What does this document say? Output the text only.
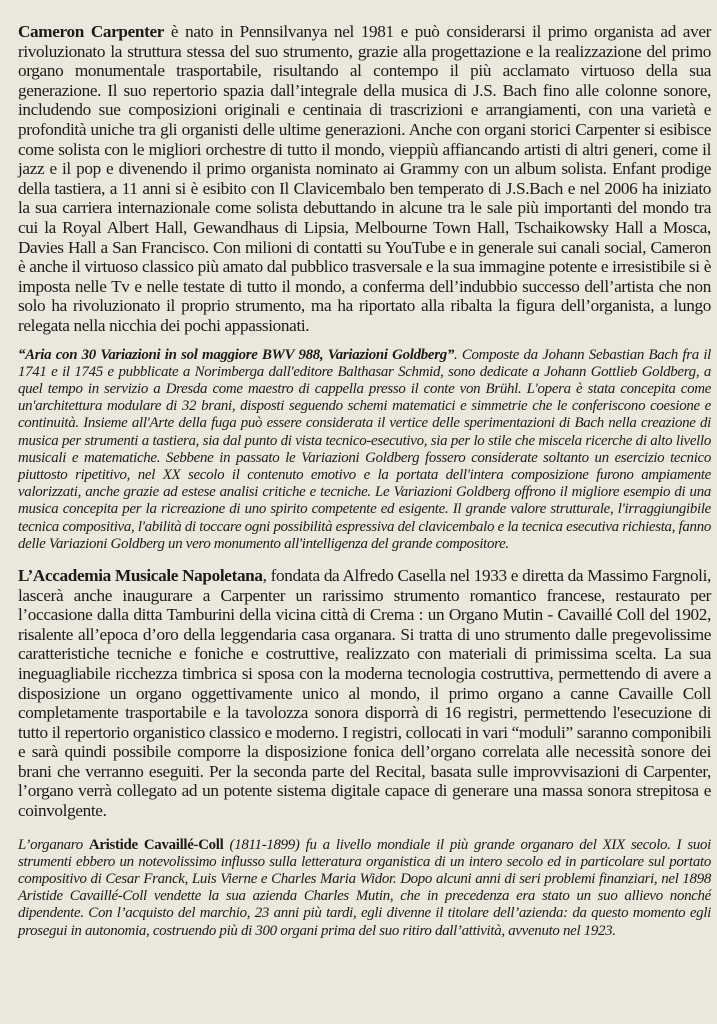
Cameron Carpenter è nato in Pennsilvanya nel 1981 e può considerarsi il primo organista ad aver rivoluzionato la struttura stessa del suo strumento, grazie alla progettazione e la realizzazione del primo organo monumentale trasportabile, risultando al contempo il più acclamato virtuoso della sua generazione. Il suo repertorio spazia dall’integrale della musica di J.S. Bach fino alle colonne sonore, includendo sue composizioni originali e centinaia di trascrizioni e arrangiamenti, con una varietà e profondità uniche tra gli organisti delle ultime generazioni. Anche con organi storici Carpenter si esibisce come solista con le migliori orchestre di tutto il mondo, vieppiù affiancando artisti di altri generi, come il jazz e il pop e divenendo il primo organista nominato ai Grammy con un album solista. Enfant prodige della tastiera, a 11 anni si è esibito con Il Clavicembalo ben temperato di J.S.Bach e nel 2006 ha iniziato la sua carriera internazionale come solista debuttando in alcune tra le sale più importanti del mondo tra cui la Royal Albert Hall, Gewandhaus di Lipsia, Melbourne Town Hall, Tschaikowsky Hall a Mosca, Davies Hall a San Francisco. Con milioni di contatti su YouTube e in generale sui canali social, Cameron è anche il virtuoso classico più amato dal pubblico trasversale e la sua immagine potente e irresistibile si è imposta nelle Tv e nelle testate di tutto il mondo, a conferma dell’indubbio successo dell’artista che non solo ha rivoluzionato il proprio strumento, ma ha riportato alla ribalta la figura dell’organista, a lungo relegata nella nicchia dei pochi appassionati.

“Aria con 30 Variazioni in sol maggiore BWV 988, Variazioni Goldberg”. Composte da Johann Sebastian Bach fra il 1741 e il 1745 e pubblicate a Norimberga dall'editore Balthasar Schmid, sono dedicate a Johann Gottlieb Goldberg, a quel tempo in servizio a Dresda come maestro di cappella presso il conte von Brühl. L'opera è stata concepita come un'architettura modulare di 32 brani, disposti seguendo schemi matematici e simmetrie che le conferiscono coesione e continuità. Insieme all'Arte della fuga può essere considerata il vertice delle sperimentazioni di Bach nella creazione di musica per strumenti a tastiera, sia dal punto di vista tecnico-esecutivo, sia per lo stile che miscela ricerche di alto livello musicali e matematiche. Sebbene in passato le Variazioni Goldberg fossero considerate soltanto un esercizio tecnico piuttosto ripetitivo, nel XX secolo il contenuto emotivo e la portata dell'intera composizione furono ampiamente valorizzati, anche grazie ad estese analisi critiche e tecniche. Le Variazioni Goldberg offrono il migliore esempio di una musica concepita per la ricreazione di uno spirito competente ed esigente. Il grande valore strutturale, l'irraggiungibile tecnica compositiva, l'abilità di toccare ogni possibilità espressiva del clavicembalo e la tecnica esecutiva richiesta, fanno delle Variazioni Goldberg un vero monumento all'intelligenza del grande compositore.

L’Accademia Musicale Napoletana, fondata da Alfredo Casella nel 1933 e diretta da Massimo Fargnoli, lascerà anche inaugurare a Carpenter un rarissimo strumento romantico francese, restaurato per l’occasione dalla ditta Tamburini della vicina città di Crema : un Organo Mutin - Cavaillé Coll del 1902, risalente all’epoca d’oro della leggendaria casa organara. Si tratta di uno strumento dalle pregevolissime caratteristiche tecniche e foniche e costruttive, realizzato con materiali di primissima scelta. La sua ineguagliabile ricchezza timbrica si sposa con la moderna tecnologia costruttiva, permettendo di avere a disposizione un organo oggettivamente unico al mondo, il primo organo a canne Cavaille Coll completamente trasportabile e la tavolozza sonora disporrà di 16 registri, permettendo l'esecuzione di tutto il repertorio organistico classico e moderno. I registri, collocati in vari “moduli” saranno componibili e sarà quindi possibile comporre la disposizione fonica dell’organo correlata alle necessità sonore dei brani che verranno eseguiti. Per la seconda parte del Recital, basata sulle improvvisazioni di Carpenter, l’organo verrà collegato ad un potente sistema digitale capace di generare una massa sonora strepitosa e coinvolgente.

L’organaro Aristide Cavaillé-Coll (1811-1899) fu a livello mondiale il più grande organaro del XIX secolo. I suoi strumenti ebbero un notevolissimo influsso sulla letteratura organistica di un intero secolo ed in particolare sul portato compositivo di Cesar Franck, Luis Vierne e Charles Maria Widor. Dopo alcuni anni di seri problemi finanziari, nel 1898 Aristide Cavaillé-Coll vendette la sua azienda Charles Mutin, che in precedenza era stato un suo allievo nonché dipendente. Con l’acquisto del marchio, 23 anni più tardi, egli divenne il titolare dell’azienda: da questo momento egli prosegui in autonomia, costruendo più di 300 organi prima del suo ritiro dall’attività, avvenuto nel 1923.
